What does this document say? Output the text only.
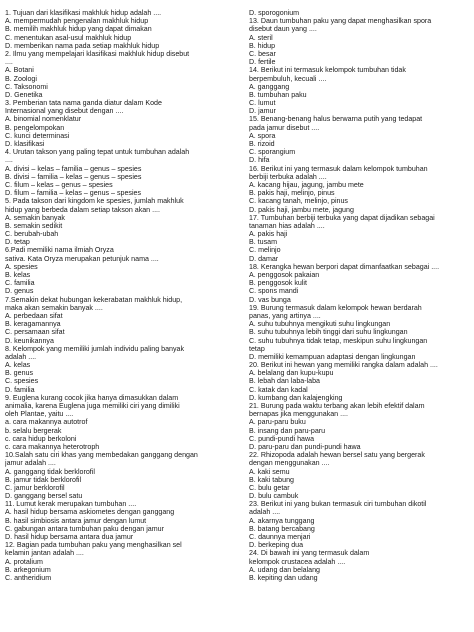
1. Tujuan dari klasifikasi makhluk hidup adalah ....
A. mempermudah pengenalan makhluk hidup
B. memilih makhluk hidup yang dapat dimakan
C. menentukan asal-usul makhluk hidup
D. memberikan nama pada setiap makhluk hidup
2. Ilmu yang mempelajari klasifikasi makhluk hidup disebut
....
A. Botani
B. Zoologi
C. Taksonomi
D. Genetika
3. Pemberian tata nama ganda diatur dalam Kode
Internasional yang disebut dengan ....
A. binomial nomenklatur
B. pengelompokan
C. kunci determinasi
D. klasifikasi
4. Urutan takson yang paling tepat untuk tumbuhan adalah
....
A. divisi – kelas – familia – genus – spesies
B. divisi – familia – kelas – genus – spesies
C. filum – kelas – genus – spesies
D. filum – familia – kelas – genus – spesies
5. Pada takson dari kingdom ke spesies, jumlah makhluk
hidup yang berbeda dalam setiap takson akan ....
A. semakin banyak
B. semakin sedikit
C. berubah-ubah
D. tetap
6.Padi memiliki nama ilmiah Oryza
sativa. Kata Oryza merupakan petunjuk nama ....
A. spesies
B. kelas
C. familia
D. genus
7.Semakin dekat hubungan kekerabatan makhluk hidup,
maka akan semakin banyak ....
A. perbedaan sifat
B. keragamannya
C. persamaan sifat
D. keunikannya
8. Kelompok yang memiliki jumlah individu paling banyak
adalah ....
A. kelas
B. genus
C. spesies
D. familia
9. Euglena kurang cocok jika hanya dimasukkan dalam
animalia, karena Euglena juga memiliki ciri yang dimiliki
oleh Plantae, yaitu ....
a. cara makannya autotrof
b. selalu bergerak
c. cara hidup berkoloni
c. cara makannya heterotroph
10.Salah satu ciri khas yang membedakan ganggang dengan
jamur adalah ....
A. ganggang tidak berklorofil
B. jamur tidak berklorofil
C. jamur berklorofil
D. ganggang bersel satu
11. Lumut kerak merupakan tumbuhan ....
A. hasil hidup bersama askiometes dengan ganggang
B. hasil simbiosis antara jamur dengan lumut
C. gabungan antara tumbuhan paku dengan jamur
D. hasil hidup bersama antara dua jamur
12. Bagian pada tumbuhan paku yang menghasilkan sel
kelamin jantan adalah ....
A. protalium
B. arkegonium
C. antheridium
D. sporogonium
13. Daun tumbuhan paku yang dapat menghasilkan spora
disebut daun yang ....
A. steril
B. hidup
C. besar
D. fertile
14. Berikut ini termasuk kelompok tumbuhan tidak
berpembuluh, kecuali ....
A. ganggang
B. tumbuhan paku
C. lumut
D. jamur
15. Benang-benang halus berwarna putih yang tedapat
pada jamur disebut ....
A. spora
B. rizoid
C. sporangium
D. hifa
16. Berikut ini yang termasuk dalam kelompok tumbuhan
berbiji terbuka adalah ....
A. kacang hijau, jagung, jambu mete
B. pakis haji, melinjo, pinus
C. kacang tanah, melinjo, pinus
D. pakis haji, jambu mete, jagung
17. Tumbuhan berbiji terbuka yang dapat dijadikan sebagai
tanaman hias adalah ....
A. pakis haji
B. tusam
C. melinjo
D. damar
18. Kerangka hewan berpori dapat dimanfaatkan sebagai ....
A. penggosok pakaian
B. penggosok kulit
C. spons mandi
D. vas bunga
19. Burung termasuk dalam kelompok hewan berdarah
panas, yang artinya ....
A. suhu tubuhnya mengikuti suhu lingkungan
B. suhu tubuhnya lebih tinggi dari suhu lingkungan
C. suhu tubuhnya tidak tetap, meskipun suhu lingkungan
tetap
D. memiliki kemampuan adaptasi dengan lingkungan
20. Berikut ini hewan yang memiliki rangka dalam adalah ....
A. belalang dan kupu-kupu
B. lebah dan laba-laba
C. katak dan kadal
D. kumbang dan kalajengking
21. Burung pada waktu terbang akan lebih efektif dalam
bernapas jika menggunakan ....
A. paru-paru buku
B. insang dan paru-paru
C. pundi-pundi hawa
D. paru-paru dan pundi-pundi hawa
22. Rhizopoda adalah hewan bersel satu yang bergerak
dengan menggunakan ....
A. kaki semu
B. kaki tabung
C. bulu getar
D. bulu cambuk
23. Berikut ini yang bukan termasuk ciri tumbuhan dikotil
adalah ....
A. akarnya tunggang
B. batang bercabang
C. daunnya menjari
D. berkeping dua
24. Di bawah ini yang termasuk dalam
kelompok crustacea adalah ....
A. udang dan belalang
B. kepiting dan udang
